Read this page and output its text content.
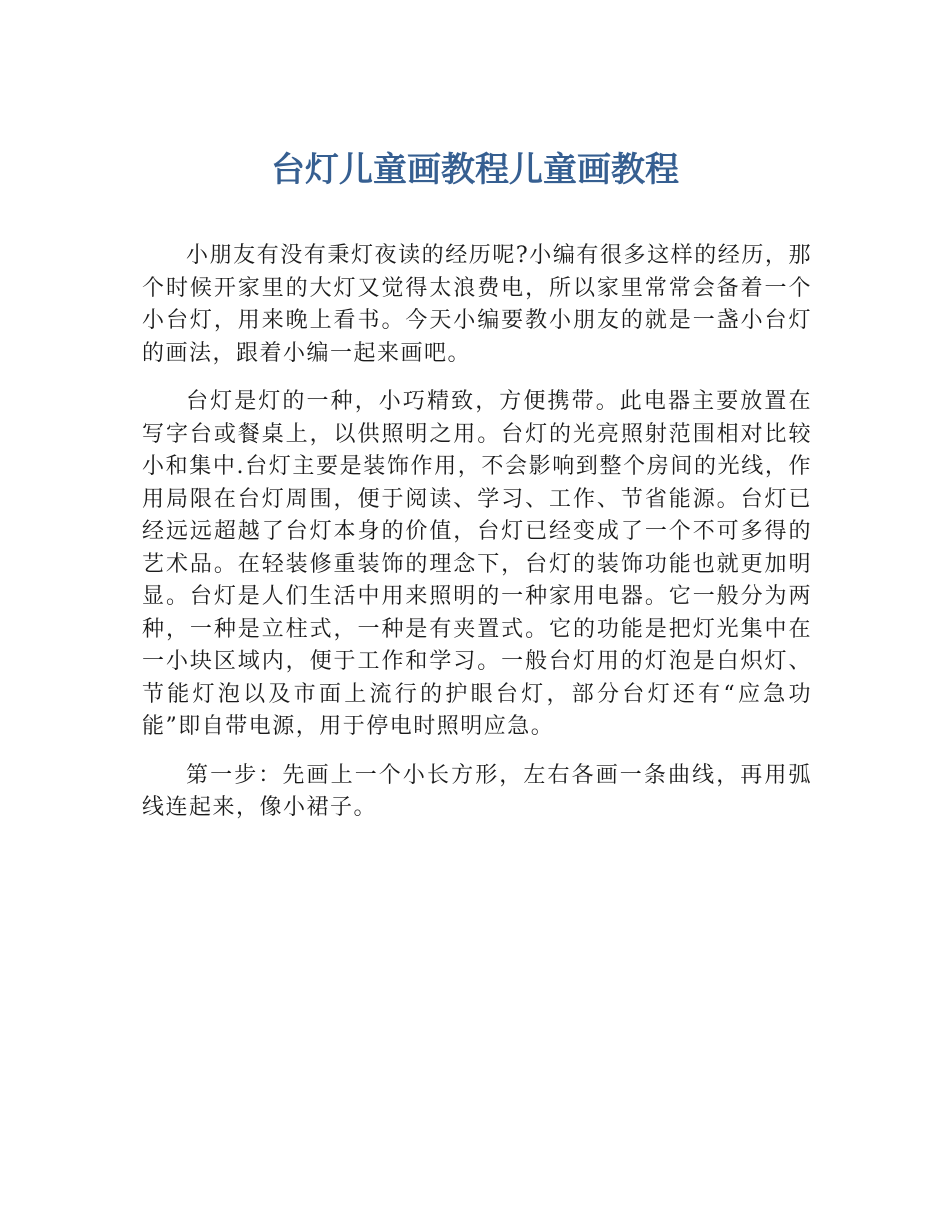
台灯儿童画教程儿童画教程

小朋友有没有秉灯夜读的经历呢?小编有很多这样的经历，那个时候开家里的大灯又觉得太浪费电，所以家里常常会备着一个小台灯，用来晚上看书。今天小编要教小朋友的就是一盏小台灯的画法，跟着小编一起来画吧。

台灯是灯的一种，小巧精致，方便携带。此电器主要放置在写字台或餐桌上，以供照明之用。台灯的光亮照射范围相对比较小和集中.台灯主要是装饰作用，不会影响到整个房间的光线，作用局限在台灯周围，便于阅读、学习、工作、节省能源。台灯已经远远超越了台灯本身的价值，台灯已经变成了一个不可多得的艺术品。在轻装修重装饰的理念下，台灯的装饰功能也就更加明显。台灯是人们生活中用来照明的一种家用电器。它一般分为两种，一种是立柱式，一种是有夹置式。它的功能是把灯光集中在一小块区域内，便于工作和学习。一般台灯用的灯泡是白炽灯、节能灯泡以及市面上流行的护眼台灯，部分台灯还有“应急功能”即自带电源，用于停电时照明应急。

第一步：先画上一个小长方形，左右各画一条曲线，再用弧线连起来，像小裙子。
